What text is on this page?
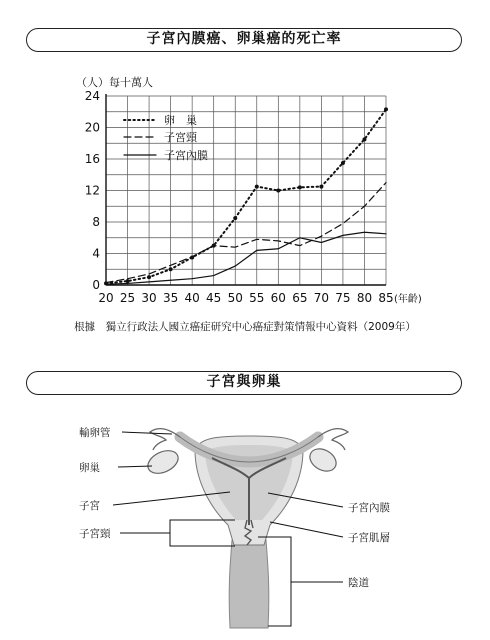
子宮內膜癌、卵巢癌的死亡率
（人）每十萬人
0
4
8
12
16
20
24
20 25 30 35 40 45 50 55 60 65 70 75 80 85 (年齡)
卵　巢
子宮頸
子宮內膜
根據　獨立行政法人國立癌症研究中心癌症對策情報中心資料（2009年）
子宮與卵巢
輸卵管
卵巢
子宮
子宮頸
子宮內膜
子宮肌層
陰道
